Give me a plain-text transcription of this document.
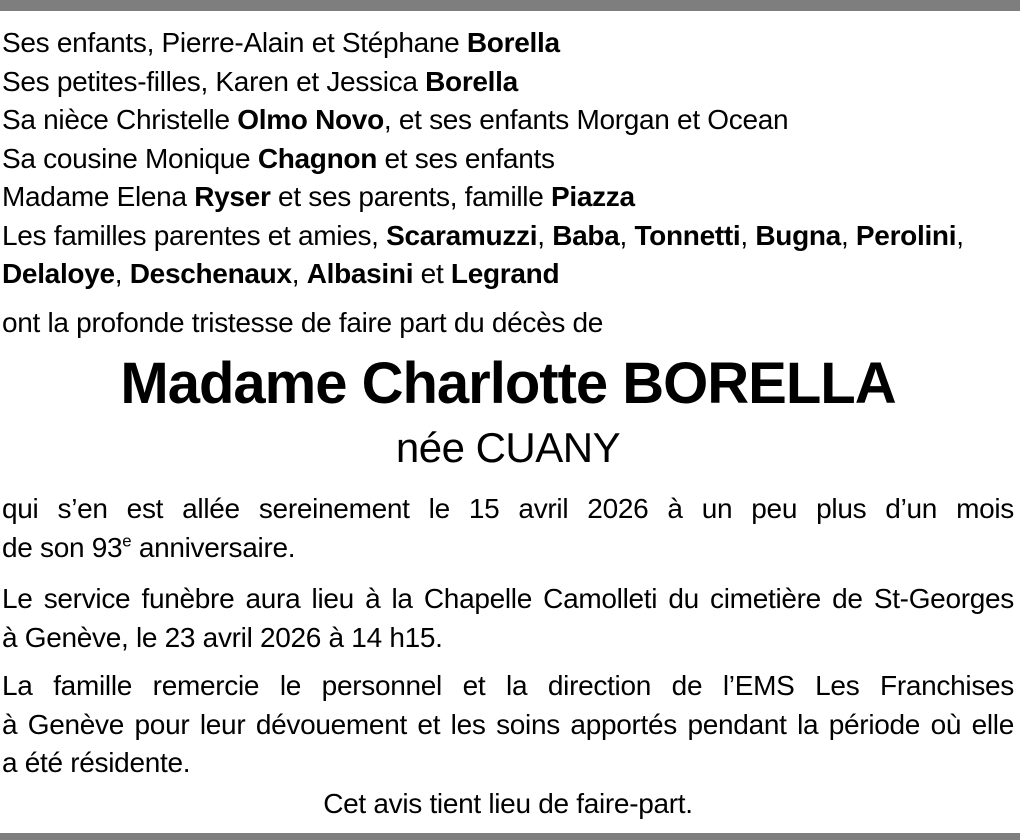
Ses enfants, Pierre-Alain et Stéphane Borella
Ses petites-filles, Karen et Jessica Borella
Sa nièce Christelle Olmo Novo, et ses enfants Morgan et Ocean
Sa cousine Monique Chagnon et ses enfants
Madame Elena Ryser et ses parents, famille Piazza
Les familles parentes et amies, Scaramuzzi, Baba, Tonnetti, Bugna, Perolini,
Delaloye, Deschenaux, Albasini et Legrand
ont la profonde tristesse de faire part du décès de
Madame Charlotte BORELLA
née CUANY
qui s’en est allée sereinement le 15 avril 2026 à un peu plus d’un mois
de son 93e anniversaire.
Le service funèbre aura lieu à la Chapelle Camolleti du cimetière de St-Georges
à Genève, le 23 avril 2026 à 14 h15.
La famille remercie le personnel et la direction de l’EMS Les Franchises
à Genève pour leur dévouement et les soins apportés pendant la période où elle
a été résidente.
Cet avis tient lieu de faire-part.
